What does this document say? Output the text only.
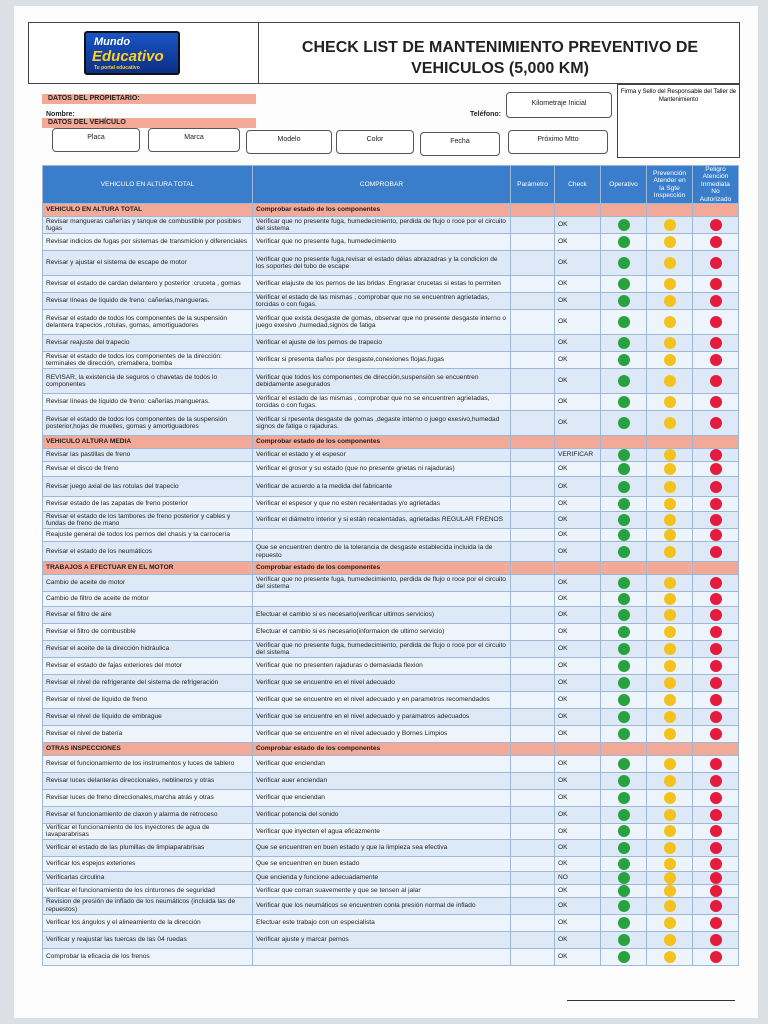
Mundo
Educativo
Tu portal educativo
CHECK LIST DE MANTENIMIENTO PREVENTIVO DE
VEHICULOS (5,000 KM)
Firma y Sello del Responsable del Taller de Mantenimiento
DATOS DEL PROPIETARIO:
Nombre:	Teléfono:
Kilometraje Inicial
DATOS DEL VEHÍCULO
Placa	Marca	Modelo	Color	Fecha	Próximo Mtto
VEHICULO EN ALTURA TOTAL	COMPROBAR	Parámetro	Check	Operativo	Prevención Atender en la Sgte Inspección	Peligro Atención Inmediata No Autorizado
VEHICULO EN ALTURA TOTAL	Comprobar estado de los componentes					
Revisar mangueras cañerías y tanque de combustible por posibles fugas	Verificar que no presente fuga, humedecimiento, perdida de flujo o roce por el circuito del sistema		OK			
Revisar indicios de fugas por sistemas de transmicion y diferenciales	Verificar que no presente fuga, humedecimiento		OK			
Revisar y ajustar el sistema de escape de motor	Verificar que no presente fuga,revisar el estado délas abrazadras y la condicion de los soportes del tubo de escape		OK			
Revisar el estado de cardan delantero y posterior :cruceta , gomas	Verificar elajuste de los pernos de las bridas .Engrasar crucetas si estas lo permiten		OK			
Revisar líneas de líquido de freno: cañerias,mangueras.	Verificar el estado de las mismas , comprobar que no se encuentren agrietadas, torcidas o con fugas.		OK			
Revisar el estado de todos los componentes de la suspensión delantera trapecios ,rotulas, gomas, amortiguadores	Verificar que exista desgaste de gomas, observar que no presente desgaste interno o juego exesivo ,humedad,signos de fatiga		OK			
Revisar reajuste del trapecio	Verificar el ajuste de los pernos de trapecio		OK			
Revisar el estado de todos los componentes de la dirección: terminales de dirección, cremallera, bomba	Verificar si presenta daños por desgaste,conexiones flojas,fugas		OK			
REVISAR, la existencia de seguros o chavetas de todos lo componentes	Verificar que todos los componentes de dirección,suspensión se encuentren debidamente asegurados		OK			
Revisar líneas de líquido de freno: cañerías,mangueras.	Verificar el estado de las mismas , comprobar que no se encuentren agrietadas, torcidas o con fugas.		OK			
Revisar el estado de todos los componentes de la suspensión posterior,hojas de muelles, gomas y amortiguadores	Verificar si rpesenta desgaste de gomas ,degaste interno o juego exesivo,humedad signos de fatiga o rajaduras.		OK			
VEHICULO ALTURA MEDIA	Comprobar estado de los componentes					
Revisar las pastillas de freno	Verificar el estado y el espesor		VERIFICAR			
Revisar el disco de freno	Verificar el grosor y su estado (que no presente grietas ni rajaduras)		OK			
Revisar juego axial de las rotulas del trapecio	Verificar de acuerdo a la medida del fabricante		OK			
Revisar estado de las zapatas de freno posterior	Verificar el espesor y que no esten recalentadas y/o agrietadas		OK			
Revisar el estado de los tambores de freno posterior y cables y fundas de freno de mano	Verificar el diámetro interior y si están recalentadas, agrietadas REGULAR FRENOS		OK			
Reajuste general de todos los pernos del chasis y la carrocería			OK			
Revisar el estado de los neumáticos	Que se encuentren dentro de la tolerancia de desgaste establecida incluida la de repuesto		OK			
TRABAJOS A EFECTUAR EN EL MOTOR	Comprobar estado de los componentes					
Cambio de aceite de motor	Verificar que no presente fuga, humedecimiento, perdida de flujo o roce por el circuito del sistema		OK			
Cambio de filtro de aceite de motor			OK			
Revisar el filtro de aire	Efectuar el cambio si es necesario(verificar ultimos servicios)		OK			
Revisar el filtro de combustible	Efectuar el cambio si es necesario(informaion de ultimo servicio)		OK			
Revisar el aceite de la dirección hidráulica	Verificar que no presente fuga, humedecimiento, perdida de flujo o roce por el circuito del sistema		OK			
Revisar el estado de fajas exteriores del motor	Verificar que no presenten rajaduras o demasiada flexion		OK			
Revisar el nivel de refrigerante del sistema de refrigeración	Verificar que se encuentre en el nivel adecuado		OK			
Revisar el nivel de líquido de freno	Verificar que se encuentre en el nivel adecuado y en parametros recomendados		OK			
Revisar el nivel de líquido de embrague	Verificar que se encuentre en el nivel adecuado y paramatros adecuados		OK			
Revisar el nivel de batería	Verificar que se encuentre en el nivel adecuado y Bornes Limpios		OK			
OTRAS INSPECCIONES	Comprobar estado de los componentes					
Revisar el funcionamiento de los instrumentos y luces de tablero	Verificar que enciendan		OK			
Revisar luces delanteras direccionales, neblineros y otras	Verificar auer enciendan		OK			
Revisar luces de freno direccionales,marcha atrás y otras	Verificar que enciendan		OK			
Revisar el funcionamiento de claxon y alarma de retroceso	Verificar potencia del sonido		OK			
Verificar el funcionamiento de los inyectores de agua de lavaparabrisas	Verificar que inyecten el agua eficazmente		OK			
Verificar el estado de las plumillas de limpiaparabrisas	Que se encuentren en buen estado y que la limpieza sea efectiva		OK			
Verificar los espejos exteriores	Que se encuentren en buen estado		OK			
Verificarlas circulina	Que encienda y funcione adecuadamente		NO			
Verificar el funcionamiento de los cinturones de seguridad	Verificar que corran suavemente y que se tensen al jalar		OK			
Revision de presión de inflado de los neumáticos (incluida las de repuestos)	Verificar que los neumáticos se encuentren conla presión normal de inflado		OK			
Verificar los ángulos y el alineamiento de la dirección	Efectuar este trabajo con un especialista		OK			
Verificar y reajustar las tuercas de las 04 ruedas	Verificar ajuste y marcar pernos		OK			
Comprobar la eficacia de los frenos			OK			
